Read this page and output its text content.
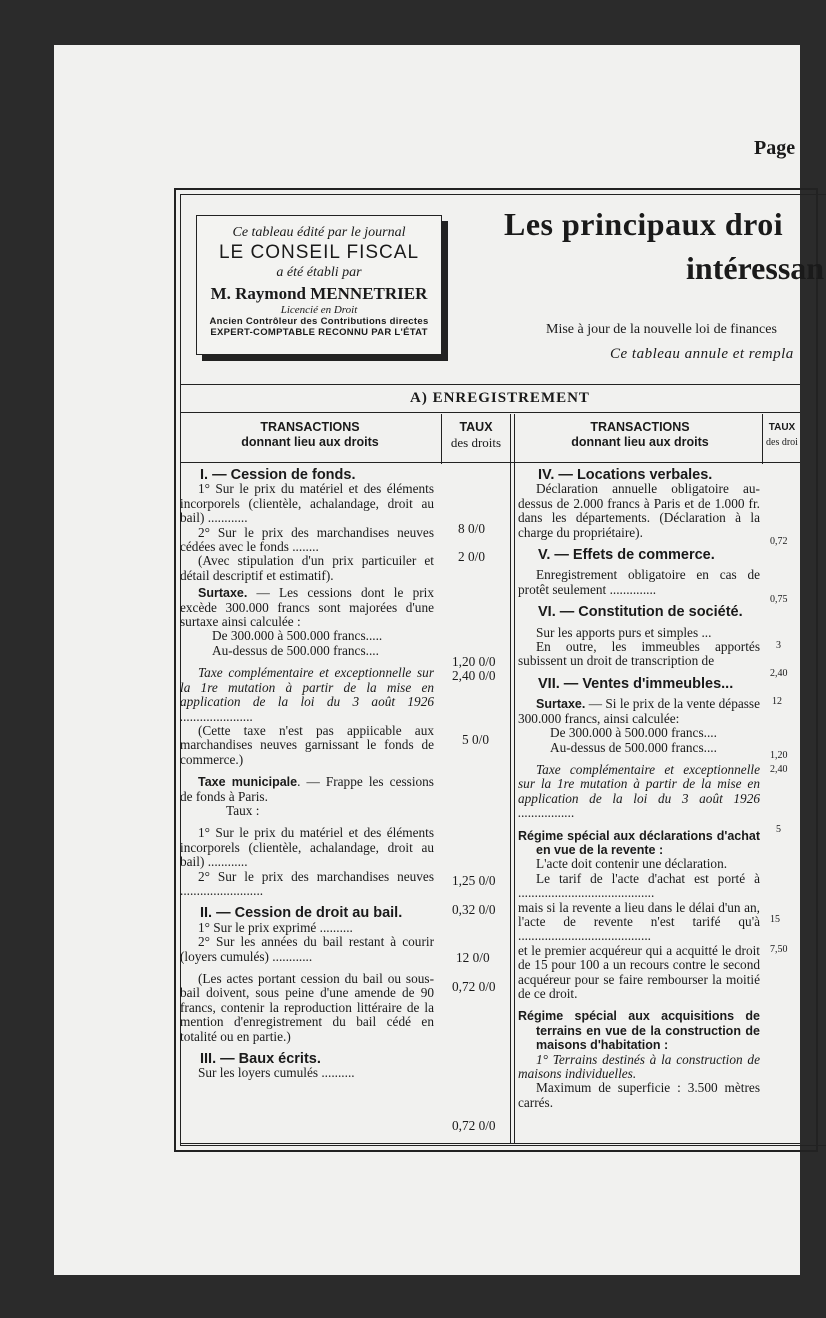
Page
Ce tableau édité par le journal
LE CONSEIL FISCAL
a été établi par
M. Raymond MENNETRIER
Licencié en Droit
Ancien Contrôleur des Contributions directes
EXPERT-COMPTABLE RECONNU PAR L'ÉTAT
Les principaux droi
intéressan
Mise à jour de la nouvelle loi de finances
Ce tableau annule et rempla
A) ENREGISTREMENT
TRANSACTIONS
donnant lieu aux droits
TAUX
des droits
TRANSACTIONS
donnant lieu aux droits
TAUX
des droi

I. — Cession de fonds.

1° Sur le prix du matériel et des éléments incorporels (clientèle, achalandage, droit au bail) ............

2° Sur le prix des marchandises neuves cédées avec le fonds ........

(Avec stipulation d'un prix particuiler et détail descriptif et estimatif).

Surtaxe. — Les cessions dont le prix excède 300.000 francs sont majorées d'une surtaxe ainsi calculée :

De 300.000 à 500.000 francs.....

Au-dessus de 500.000 francs....

Taxe complémentaire et exceptionnelle sur la 1re mutation à partir de la mise en application de la loi du 3 août 1926 ......................

(Cette taxe n'est pas appiicable aux marchandises neuves garnissant le fonds de commerce.)

Taxe municipale. — Frappe les cessions de fonds à Paris.

Taux :

1° Sur le prix du matériel et des éléments incorporels (clientèle, achalandage, droit au bail) ............

2° Sur le prix des marchandises neuves .........................

II. — Cession de droit au bail.

1° Sur le prix exprimé ..........

2° Sur les années du bail restant à courir (loyers cumulés) ............

(Les actes portant cession du bail ou sous-bail doivent, sous peine d'une amende de 90 francs, contenir la reproduction littéraire de la mention d'enregistrement du bail cédé en totalité ou en partie.)

III. — Baux écrits.

Sur les loyers cumulés ..........

8 0/0
2 0/0
1,20 0/0
2,40 0/0
5 0/0
1,25 0/0
0,32 0/0
12 0/0
0,72 0/0
0,72 0/0

IV. — Locations verbales.

Déclaration annuelle obligatoire au-dessus de 2.000 francs à Paris et de 1.000 fr. dans les départements. (Déclaration à la charge du propriétaire).

V. — Effets de commerce.

Enregistrement obligatoire en cas de protêt seulement ..............

VI. — Constitution de société.

Sur les apports purs et simples ...

En outre, les immeubles apportés subissent un droit de transcription de

VII. — Ventes d'immeubles...

Surtaxe. — Si le prix de la vente dépasse 300.000 francs, ainsi calculée:

De 300.000 à 500.000 francs....

Au-dessus de 500.000 francs....

Taxe complémentaire et exceptionnelle sur la 1re mutation à partir de la mise en application de la loi du 3 août 1926 .................

Régime spécial aux déclarations d'achat en vue de la revente :

L'acte doit contenir une déclaration.

Le tarif de l'acte d'achat est porté à .........................................

mais si la revente a lieu dans le délai d'un an, l'acte de revente n'est tarifé qu'à ........................................

et le premier acquéreur qui a acquitté le droit de 15 pour 100 a un recours contre le second acquéreur pour se faire rembourser la moitié de ce droit.

Régime spécial aux acquisitions de terrains en vue de la construction de maisons d'habitation :

1° Terrains destinés à la construction de maisons individuelles.

Maximum de superficie : 3.500 mètres carrés.

0,72
0,75
3
2,40
12
1,20
2,40
5
15
7,50
